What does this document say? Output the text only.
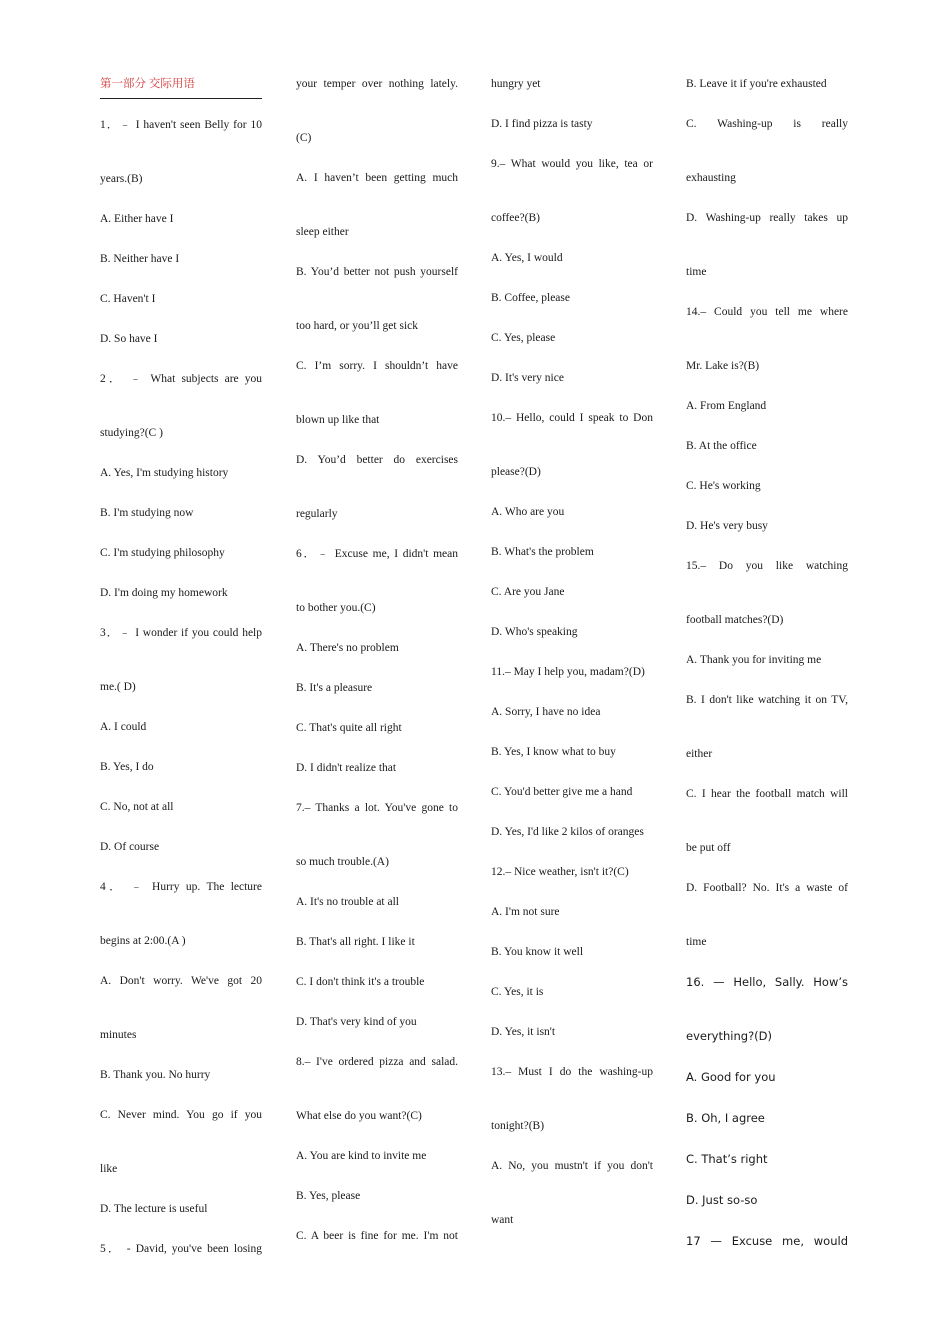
第一部分 交际用语
1．﹣ I haven't seen Belly for 10
years.(B)
A. Either have I
B. Neither have I
C. Haven't I
D. So have I
2． ﹣ What subjects are you
studying?(C )
A. Yes, I'm studying history
B. I'm studying now
C. I'm studying philosophy
D. I'm doing my homework
3．﹣ I wonder if you could help
me.( D)
A. I could
B. Yes, I do
C. No, not at all
D. Of course
4． ﹣ Hurry up. The lecture
begins at 2:00.(A )
A. Don't worry. We've got 20
minutes
B. Thank you. No hurry
C. Never mind. You go if you
like
D. The lecture is useful
5． - David, you've been losing
your temper over nothing lately.
(C)
A. I haven’t been getting much
sleep either
B. You’d better not push yourself
too hard, or you’ll get sick
C. I’m sorry. I shouldn’t have
blown up like that
D. You’d better do exercises
regularly
6．﹣ Excuse me, I didn't mean
to bother you.(C)
A. There's no problem
B. It's a pleasure
C. That's quite all right
D. I didn't realize that
7.– Thanks a lot. You've gone to
so much trouble.(A)
A. It's no trouble at all
B. That's all right. I like it
C. I don't think it's a trouble
D. That's very kind of you
8.– I've ordered pizza and salad.
What else do you want?(C)
A. You are kind to invite me
B. Yes, please
C. A beer is fine for me. I'm not
hungry yet
D. I find pizza is tasty
9.– What would you like, tea or
coffee?(B)
A. Yes, I would
B. Coffee, please
C. Yes, please
D. It's very nice
10.– Hello, could I speak to Don
please?(D)
A. Who are you
B. What's the problem
C. Are you Jane
D. Who's speaking
11.– May I help you, madam?(D)
A. Sorry, I have no idea
B. Yes, I know what to buy
C. You'd better give me a hand
D. Yes, I'd like 2 kilos of oranges
12.– Nice weather, isn't it?(C)
A. I'm not sure
B. You know it well
C. Yes, it is
D. Yes, it isn't
13.– Must I do the washing-up
tonight?(B)
A. No, you mustn't if you don't
want
B. Leave it if you're exhausted
C. Washing-up is really
exhausting
D. Washing-up really takes up
time
14.– Could you tell me where
Mr. Lake is?(B)
A. From England
B. At the office
C. He's working
D. He's very busy
15.– Do you like watching
football matches?(D)
A. Thank you for inviting me
B. I don't like watching it on TV,
either
C. I hear the football match will
be put off
D. Football? No. It's a waste of
time
16. — Hello, Sally. How’s
everything?(D)
A. Good for you
B. Oh, I agree
C. That’s right
D. Just so-so
17 — Excuse me, would
